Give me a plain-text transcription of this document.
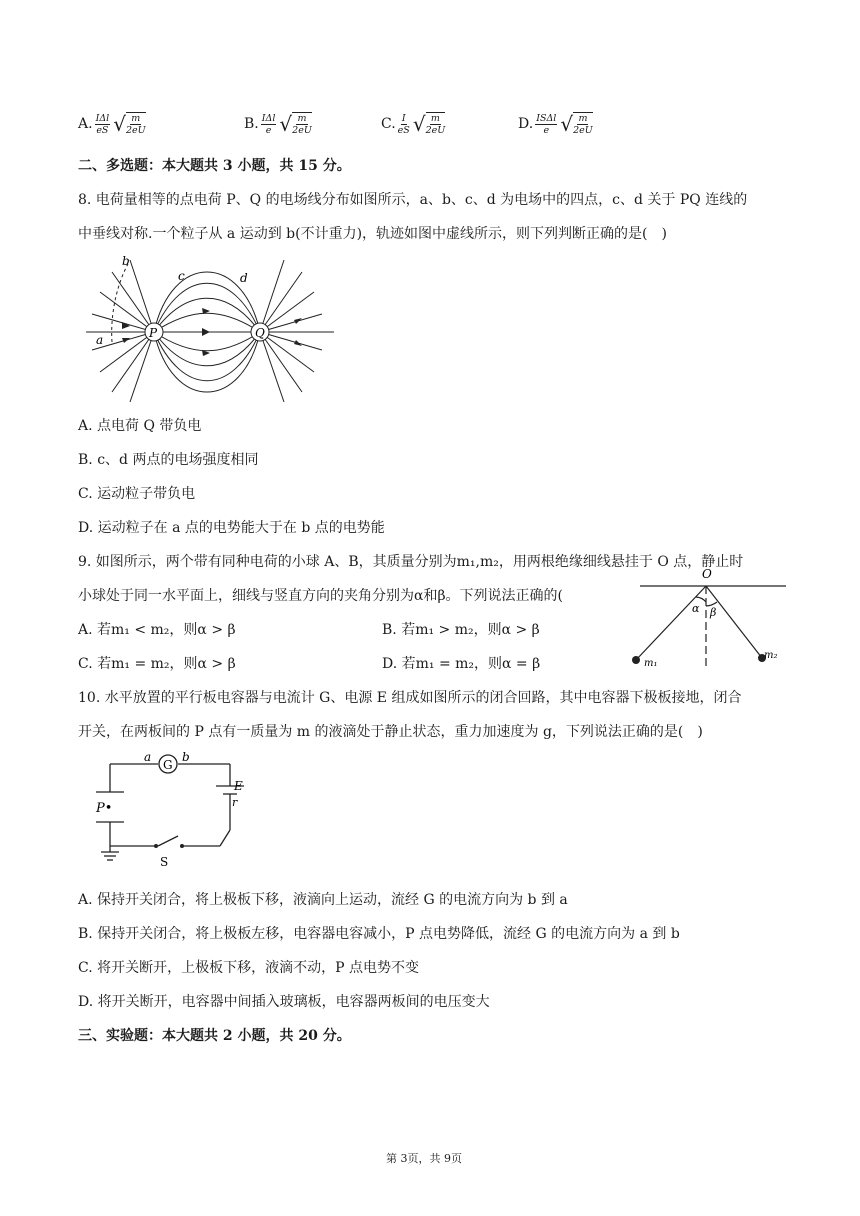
A. $\frac{\text{IΔl}}{eS}$ √ $\frac{m}{2eU}$	B. $\frac{\text{IΔl}}{e}$ √ $\frac{m}{2eU}$	C. $\frac{I}{eS}$ √ $\frac{m}{2eU}$	D. $\frac{\text{ISΔl}}{e}$ √ $\frac{m}{2eU}$
二、多选题：本大题共 3 小题，共 15 分。
8. 电荷量相等的点电荷 P、Q 的电场线分布如图所示，a、b、c、d 为电场中的四点，c、d 关于 PQ 连线的
中垂线对称.一个粒子从 a 运动到 b(不计重力)，轨迹如图中虚线所示，则下列判断正确的是(　)
P	Q
a
b
c	d
A. 点电荷 Q 带负电
B. c、d 两点的电场强度相同
C. 运动粒子带负电
D. 运动粒子在 a 点的电势能大于在 b 点的电势能
9. 如图所示，两个带有同种电荷的小球 A、B，其质量分别为m₁,m₂，用两根绝缘细线悬挂于 O 点，静止时
小球处于同一水平面上，细线与竖直方向的夹角分别为α和β。下列说法正确的(
A. 若m₁ < m₂，则α > β	B. 若m₁ > m₂，则α > β
C. 若m₁ = m₂，则α > β	D. 若m₁ = m₂，则α = β
O
α β
m₁
m₂
10. 水平放置的平行板电容器与电流计 G、电源 E 组成如图所示的闭合回路，其中电容器下极板接地，闭合
开关，在两板间的 P 点有一质量为 m 的液滴处于静止状态，重力加速度为 g，下列说法正确的是(　)
G
a	b
E
r
P•
S
A. 保持开关闭合，将上极板下移，液滴向上运动，流经 G 的电流方向为 b 到 a
B. 保持开关闭合，将上极板左移，电容器电容减小，P 点电势降低，流经 G 的电流方向为 a 到 b
C. 将开关断开，上极板下移，液滴不动，P 点电势不变
D. 将开关断开，电容器中间插入玻璃板，电容器两板间的电压变大
三、实验题：本大题共 2 小题，共 20 分。
第 3页，共 9页
